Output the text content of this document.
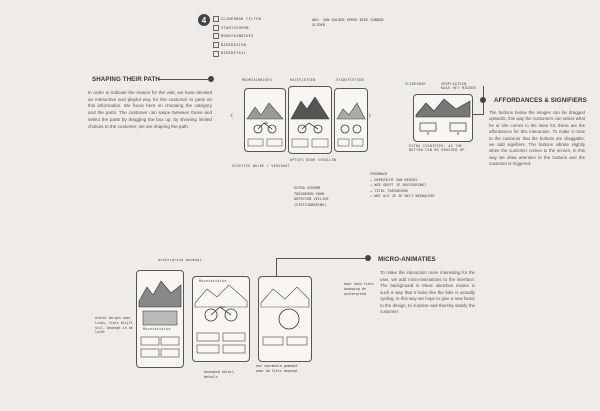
4	SLIDERBAR FILTER
STARTSCHERM
MOUNTAINBIKES
BIKEDESIGN
BIKEDETAIL
ADV. VAN GOLDEN SPEED BIKE SUNDEN SLIDER
SHAPING THEIR PATH
In order to indicate the reason for the visit, we have devised an interactive and playful way for the customer to pass on this information. We focus here on choosing the category and the parts. The customer can swipe between these and select the parts by dragging the box up, by showing limited choices to the customer, we are shaping the path.
AFFORDANCES & SIGNIFIERS
The buttons below the images can be dragged upwards, this way the customers can select what he or she comes to the store for, these are the affordances for this interaction. To make it clear to the customer that the buttons are draggable, we add signifiers. The buttons vibrate slightly when the customer comes to the screen, in this way we draw attention to the buttons and the customer is triggered.
MICRO-ANIMATIES
To make the interaction more interesting for the user, we add micro-animations to the interface. The background in these sketches moves in such a way that it looks like the bike is actually cycling, in this way we hope to give a new factor to the design, to surprise and thereby satisfy the customer.
MOUNTAINBIKES	RACEFIETSEN	STADSFIETSEN
‹	›
SCHIJFJE WELKE > VERGROOT
OPTIES DOOR SCROLLEN
EXTRA SCHERM
TOEVOEGEN VOOR
DEFECTEN VEILIGE
(FIETSJOBERING)
FEEDBACK
→ OVERZICHT VAN KEUZES
→ WIE GEEFT JE ADVISERING?
→ TITEL TOEVOEGEN!
→ WAT ALS JE ZE WILT WEGHALEN?
SLIDERBAR	VERPLAATSEN NAAR HET MIDDEN
EXTRA SIGNIFIER: AS THE BUTTON CAN BE DRAGGED UP
achtergrond beweegt
Mountainbike
Mountainbike
achter bergen naar links, fiets blijft stil, beweegt in de lucht
door heen fiets beweging de achtergrond
bewegend detail, details
een voorbeeld gemaakt waar de fiets beweegt
